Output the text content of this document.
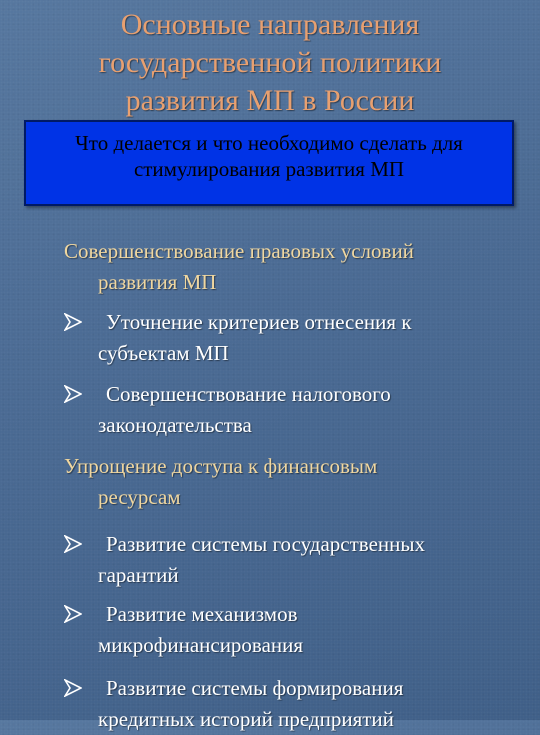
Основные направления
государственной политики
развития МП в России
Что делается и что необходимо сделать для
стимулирования развития МП
Совершенствование правовых условий
развития МП
Уточнение критериев отнесения к
субъектам МП
Совершенствование налогового
законодательства
Упрощение доступа к финансовым
ресурсам
Развитие системы государственных
гарантий
Развитие механизмов
микрофинансирования
Развитие системы формирования
кредитных историй предприятий
